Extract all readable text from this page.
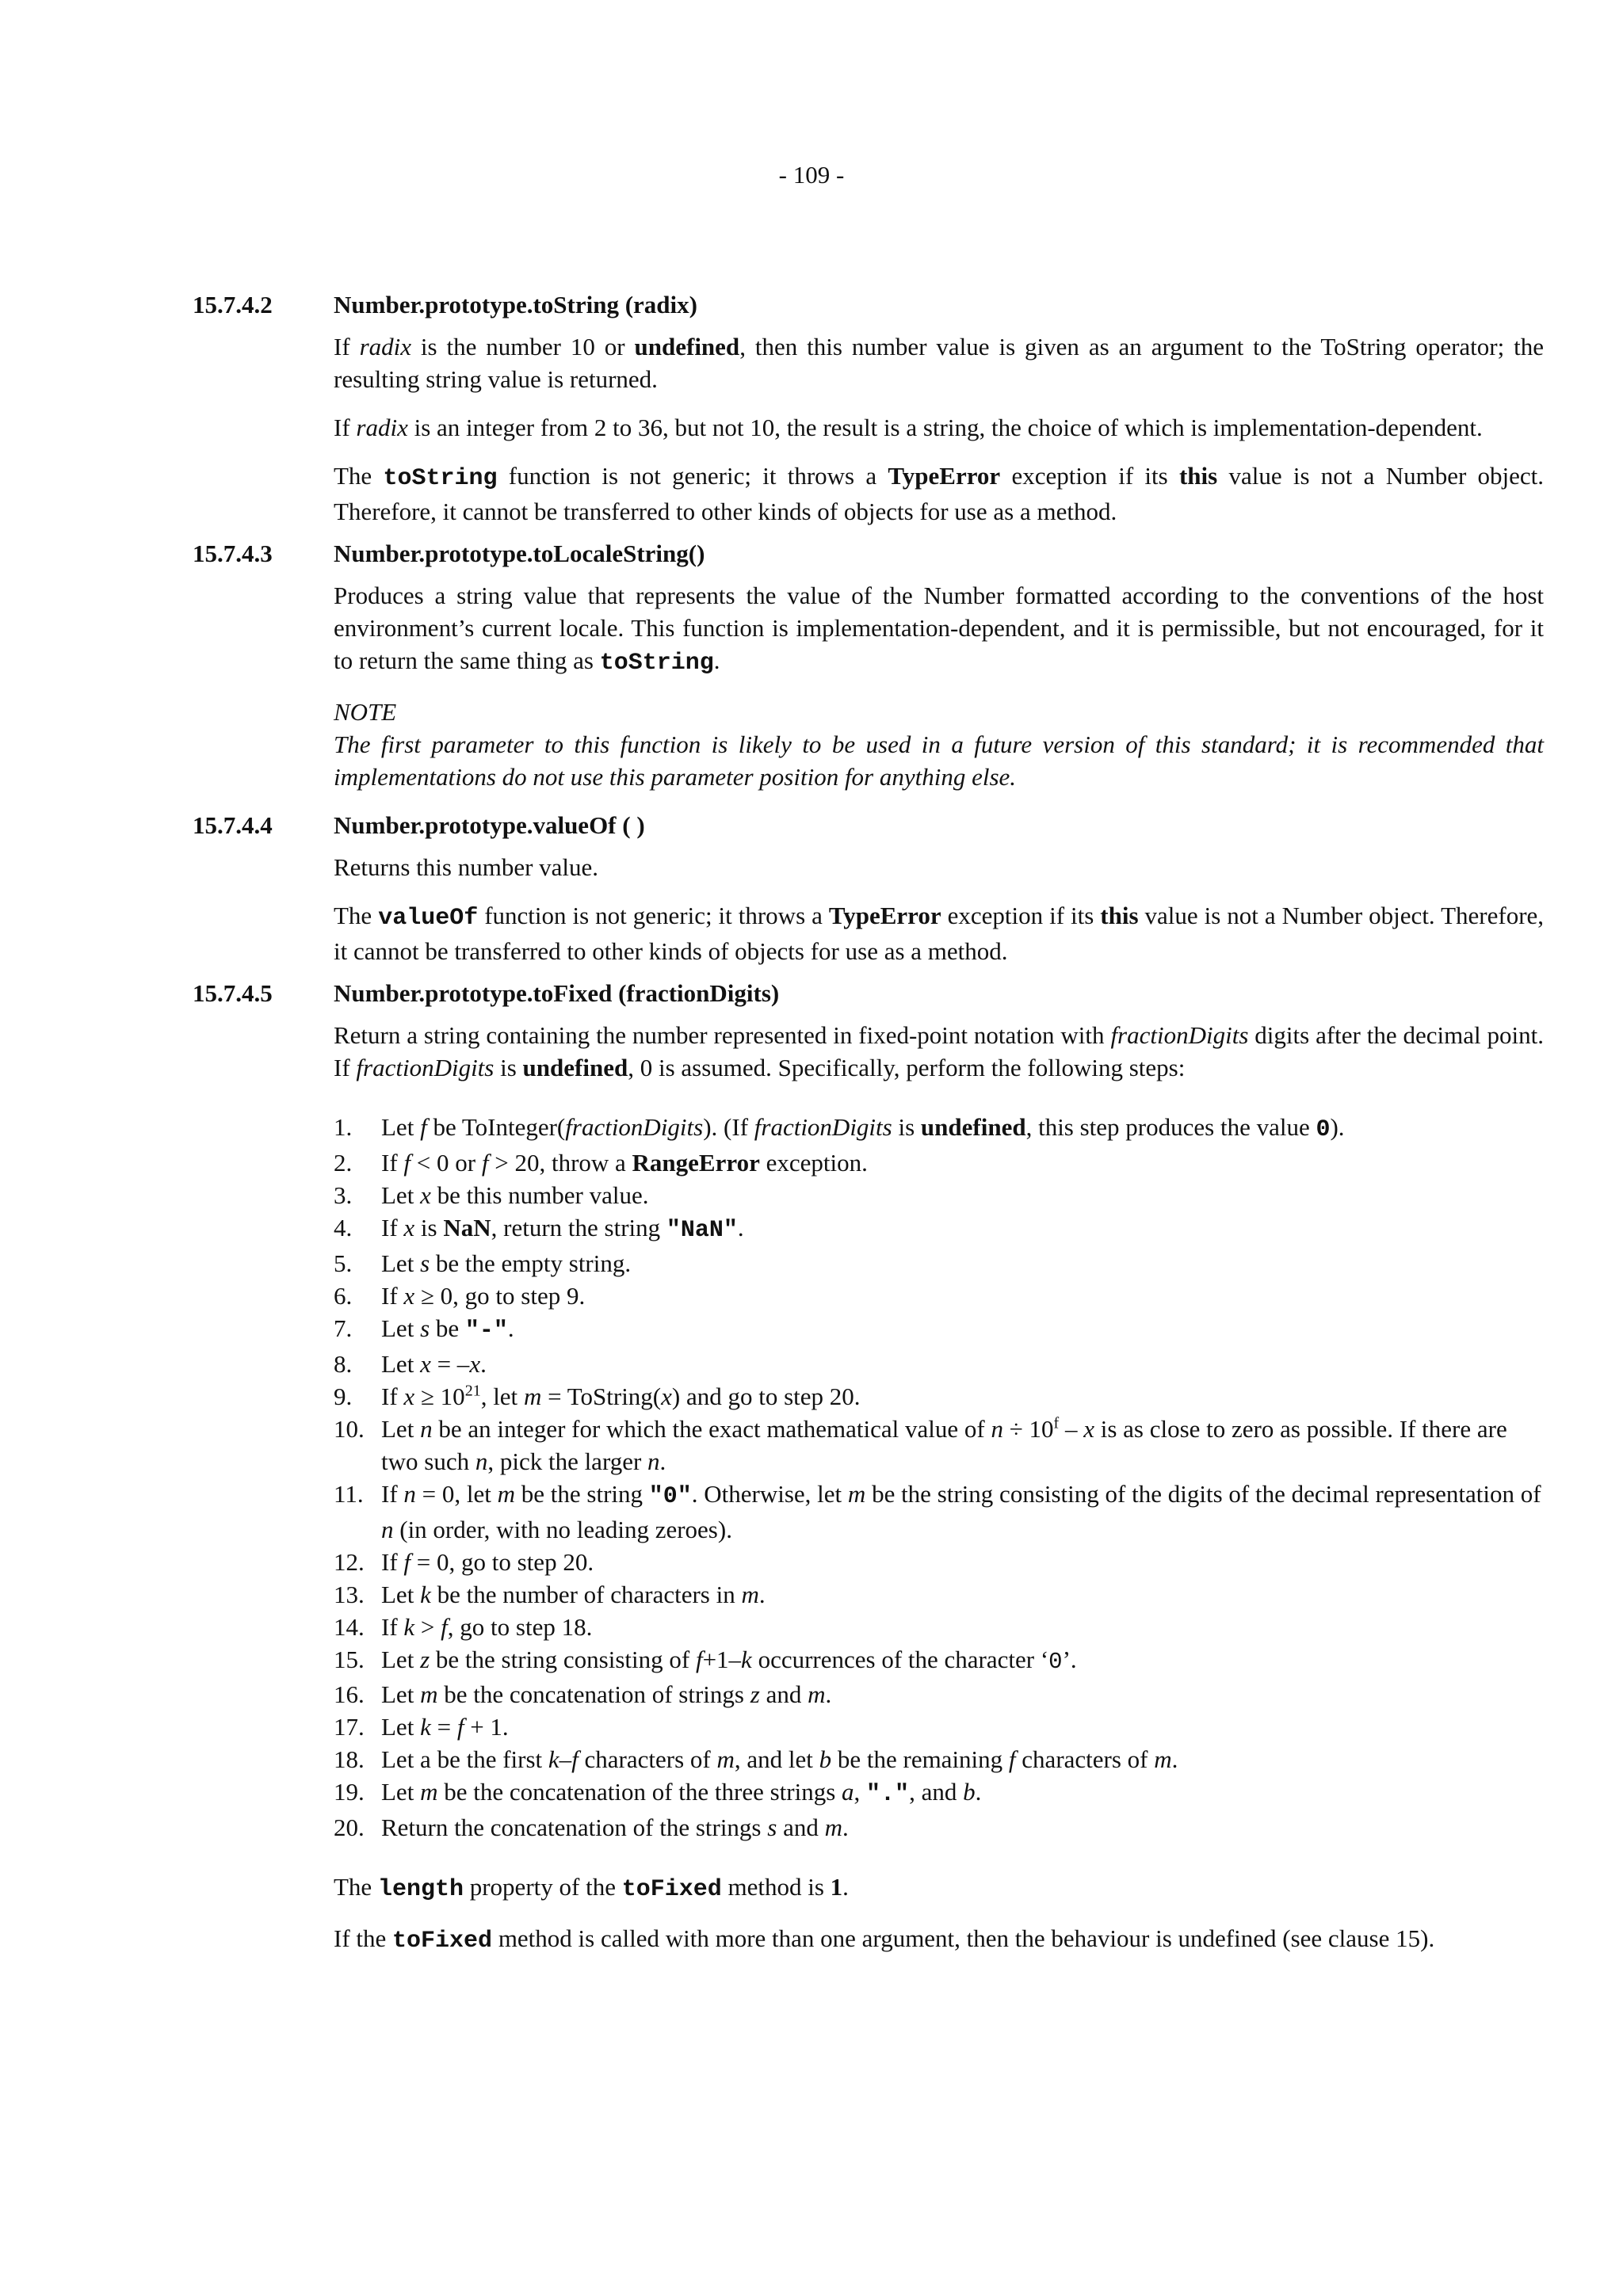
- 109 -
15.7.4.2	Number.prototype.toString (radix)

If radix is the number 10 or undefined, then this number value is given as an argument to the ToString operator; the resulting string value is returned.

If radix is an integer from 2 to 36, but not 10, the result is a string, the choice of which is implementation-dependent.

The toString function is not generic; it throws a TypeError exception if its this value is not a Number object. Therefore, it cannot be transferred to other kinds of objects for use as a method.

15.7.4.3	Number.prototype.toLocaleString()

Produces a string value that represents the value of the Number formatted according to the conventions of the host environment’s current locale. This function is implementation-dependent, and it is permissible, but not encouraged, for it to return the same thing as toString.

NOTE
The first parameter to this function is likely to be used in a future version of this standard; it is recommended that implementations do not use this parameter position for anything else.
15.7.4.4	Number.prototype.valueOf ( )

Returns this number value.

The valueOf function is not generic; it throws a TypeError exception if its this value is not a Number object. Therefore, it cannot be transferred to other kinds of objects for use as a method.

15.7.4.5	Number.prototype.toFixed (fractionDigits)

Return a string containing the number represented in fixed-point notation with fractionDigits digits after the decimal point. If fractionDigits is undefined, 0 is assumed. Specifically, perform the following steps:

1.	Let f be ToInteger(fractionDigits). (If fractionDigits is undefined, this step produces the value 0).
2.	If f < 0 or f > 20, throw a RangeError exception.
3.	Let x be this number value.
4.	If x is NaN, return the string "NaN".
5.	Let s be the empty string.
6.	If x ≥ 0, go to step 9.
7.	Let s be "-".
8.	Let x = –x.
9.	If $x \ge 10^{21}$, let m = ToString(x) and go to step 20.
10. Let n be an integer for which the exact mathematical value of $n \div 10^f - x$ is as close to zero as possible. If there are two such n, pick the larger n.
11. If n = 0, let m be the string "0". Otherwise, let m be the string consisting of the digits of the decimal representation of n (in order, with no leading zeroes).
12. If f = 0, go to step 20.
13. Let k be the number of characters in m.
14. If k > f, go to step 18.
15. Let z be the string consisting of f+1–k occurrences of the character ‘0’.
16. Let m be the concatenation of strings z and m.
17. Let k = f + 1.
18. Let a be the first k–f characters of m, and let b be the remaining f characters of m.
19. Let m be the concatenation of the three strings a, ".", and b.
20. Return the concatenation of the strings s and m.

The length property of the toFixed method is 1.

If the toFixed method is called with more than one argument, then the behaviour is undefined (see clause 15).
